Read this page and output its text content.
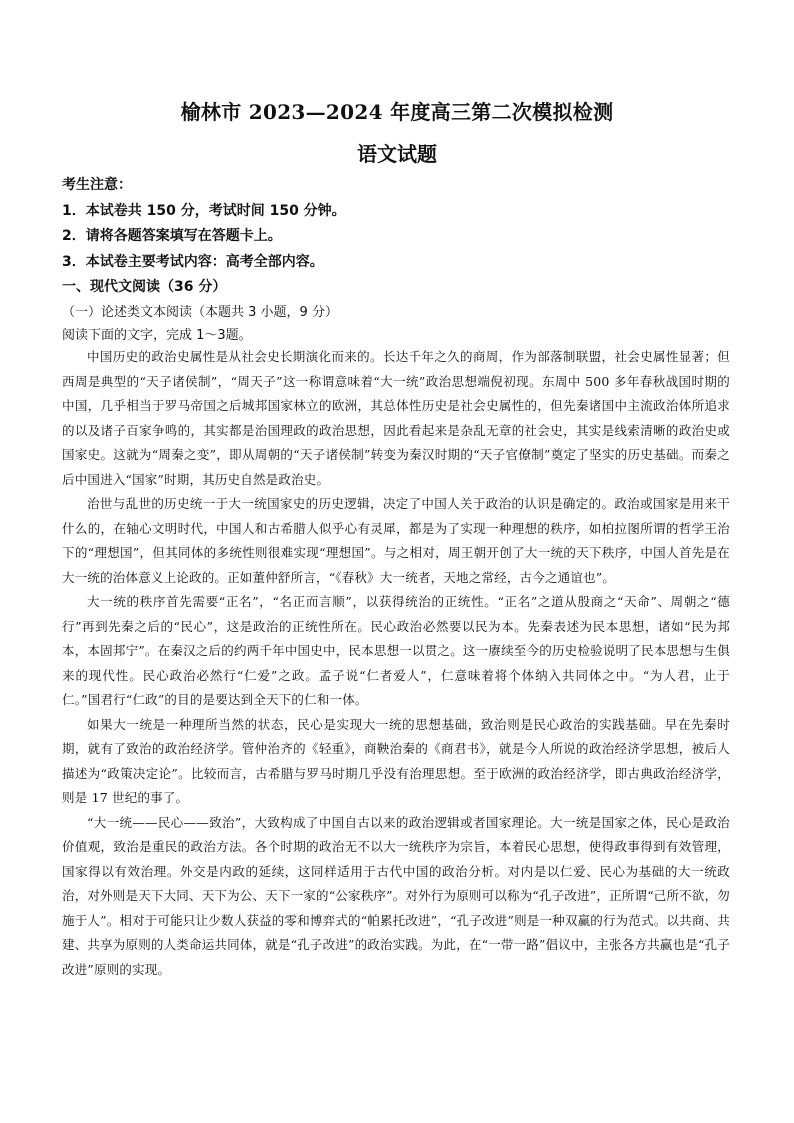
榆林市 2023—2024 年度高三第二次模拟检测
语文试题
考生注意：
1．本试卷共 150 分，考试时间 150 分钟。
2．请将各题答案填写在答题卡上。
3．本试卷主要考试内容：高考全部内容。
一、现代文阅读（36 分）
（一）论述类文本阅读（本题共 3 小题，9 分）
阅读下面的文字，完成 1～3题。

中国历史的政治史属性是从社会史长期演化而来的。长达千年之久的商周，作为部落制联盟，社会史属性显著；但西周是典型的“天子诸侯制”，“周天子”这一称谓意味着“大一统”政治思想端倪初现。东周中 500 多年春秋战国时期的中国，几乎相当于罗马帝国之后城邦国家林立的欧洲，其总体性历史是社会史属性的，但先秦诸国中主流政治体所追求的以及诸子百家争鸣的，其实都是治国理政的政治思想，因此看起来是杂乱无章的社会史，其实是线索清晰的政治史或国家史。这就为“周秦之变”，即从周朝的“天子诸侯制”转变为秦汉时期的“天子官僚制”奠定了坚实的历史基础。而秦之后中国进入“国家”时期，其历史自然是政治史。

治世与乱世的历史统一于大一统国家史的历史逻辑，决定了中国人关于政治的认识是确定的。政治或国家是用来干什么的，在轴心文明时代，中国人和古希腊人似乎心有灵犀，都是为了实现一种理想的秩序，如柏拉图所谓的哲学王治下的“理想国”，但其同体的多统性则很难实现“理想国”。与之相对，周王朝开创了大一统的天下秩序，中国人首先是在大一统的治体意义上论政的。正如董仲舒所言，“《春秋》大一统者，天地之常经，古今之通谊也”。

大一统的秩序首先需要“正名”，“名正而言顺”，以获得统治的正统性。“正名”之道从殷商之“天命”、周朝之“德行”再到先秦之后的“民心”，这是政治的正统性所在。民心政治必然要以民为本。先秦表述为民本思想，诸如“民为邦本，本固邦宁”。在秦汉之后的约两千年中国史中，民本思想一以贯之。这一赓续至今的历史检验说明了民本思想与生俱来的现代性。民心政治必然行“仁爱”之政。孟子说“仁者爱人”，仁意味着将个体纳入共同体之中。“为人君，止于仁。”国君行“仁政”的目的是要达到全天下的仁和一体。

如果大一统是一种理所当然的状态，民心是实现大一统的思想基础，致治则是民心政治的实践基础。早在先秦时期，就有了致治的政治经济学。管仲治齐的《轻重》，商鞅治秦的《商君书》，就是今人所说的政治经济学思想，被后人描述为“政策决定论”。比较而言，古希腊与罗马时期几乎没有治理思想。至于欧洲的政治经济学，即古典政治经济学，则是 17 世纪的事了。

“大一统——民心——致治”，大致构成了中国自古以来的政治逻辑或者国家理论。大一统是国家之体，民心是政治价值观，致治是重民的政治方法。各个时期的政治无不以大一统秩序为宗旨，本着民心思想，使得政事得到有效管理，国家得以有效治理。外交是内政的延续，这同样适用于古代中国的政治分析。对内是以仁爱、民心为基础的大一统政治，对外则是天下大同、天下为公、天下一家的“公家秩序”。对外行为原则可以称为“孔子改进”，正所谓“己所不欲，勿施于人”。相对于可能只让少数人获益的零和博弈式的“帕累托改进”，“孔子改进”则是一种双赢的行为范式。以共商、共建、共享为原则的人类命运共同体，就是“孔子改进”的政治实践。为此，在“一带一路”倡议中，主张各方共赢也是“孔子改进”原则的实现。
